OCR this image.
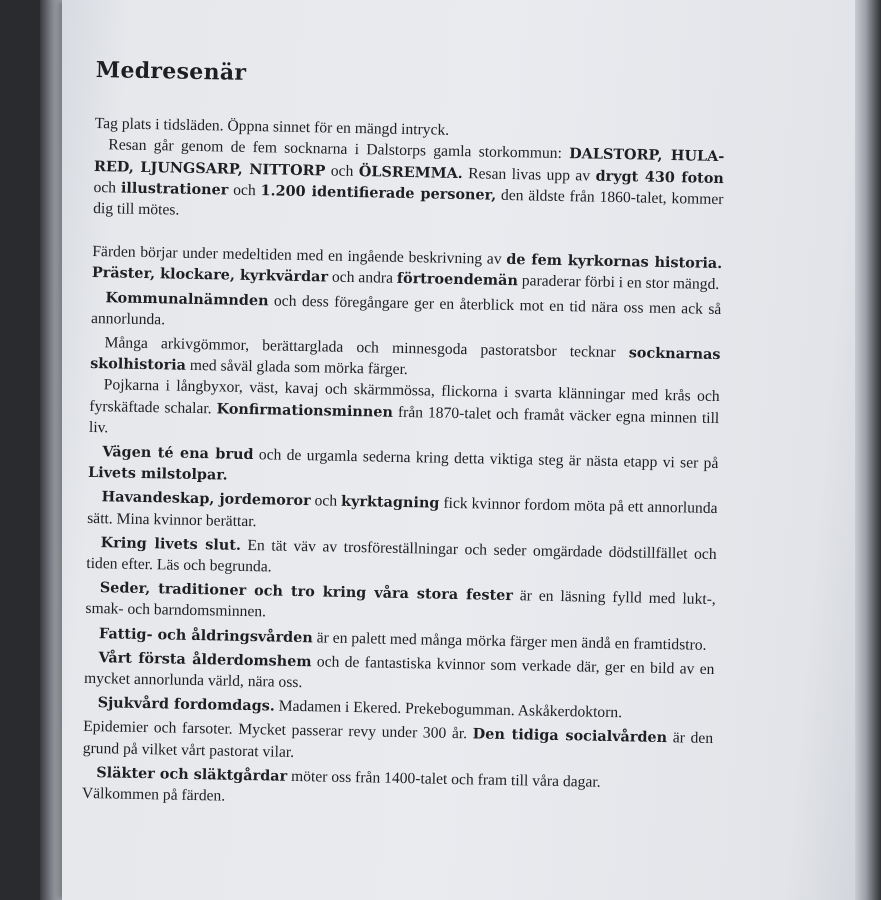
Medresenär

Tag plats i tidsläden. Öppna sinnet för en mängd intryck.

Resan går genom de fem socknarna i Dalstorps gamla storkommun: DALSTORP, HULA-RED, LJUNGSARP, NITTORP och ÖLSREMMA. Resan livas upp av drygt 430 foton och illustrationer och 1.200 identifierade personer, den äldste från 1860-talet, kommer dig till mötes.

Färden börjar under medeltiden med en ingående beskrivning av de fem kyrkornas historia. Präster, klockare, kyrkvärdar och andra förtroendemän paraderar förbi i en stor mängd.

Kommunalnämnden och dess föregångare ger en återblick mot en tid nära oss men ack så annorlunda.

Många arkivgömmor, berättarglada och minnesgoda pastoratsbor tecknar socknarnas skolhistoria med såväl glada som mörka färger.

Pojkarna i långbyxor, väst, kavaj och skärmmössa, flickorna i svarta klänningar med krås och fyrskäftade schalar. Konfirmationsminnen från 1870-talet och framåt väcker egna minnen till liv.

Vägen té ena brud och de urgamla sederna kring detta viktiga steg är nästa etapp vi ser på Livets milstolpar.

Havandeskap, jordemoror och kyrktagning fick kvinnor fordom möta på ett annorlunda sätt. Mina kvinnor berättar.

Kring livets slut. En tät väv av trosföreställningar och seder omgärdade dödstillfället och tiden efter. Läs och begrunda.

Seder, traditioner och tro kring våra stora fester är en läsning fylld med lukt-, smak- och barndomsminnen.

Fattig- och åldringsvården är en palett med många mörka färger men ändå en framtidstro.

Vårt första ålderdomshem och de fantastiska kvinnor som verkade där, ger en bild av en mycket annorlunda värld, nära oss.

Sjukvård fordomdags. Madamen i Ekered. Prekebogumman. Askåkerdoktorn.

Epidemier och farsoter. Mycket passerar revy under 300 år. Den tidiga socialvården är den grund på vilket vårt pastorat vilar.

Släkter och släktgårdar möter oss från 1400-talet och fram till våra dagar.

Välkommen på färden.
